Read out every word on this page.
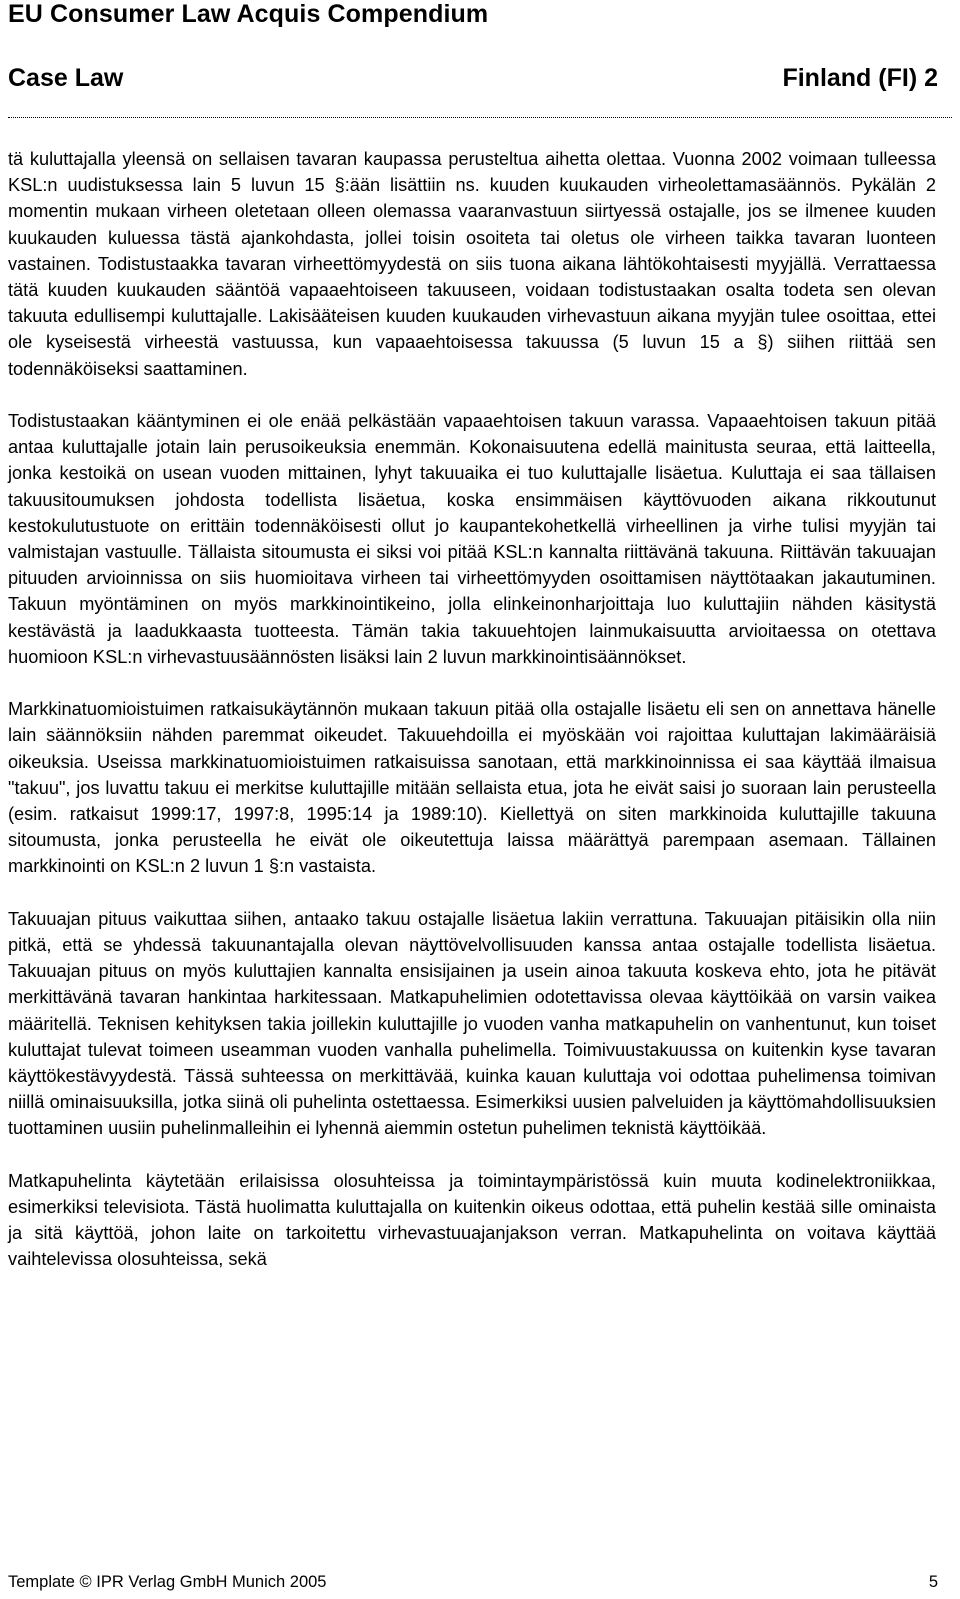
EU Consumer Law Acquis Compendium
Case Law	Finland (FI) 2

tä kuluttajalla yleensä on sellaisen tavaran kaupassa perusteltua aihetta olettaa. Vuonna 2002 voimaan tulleessa KSL:n uudistuksessa lain 5 luvun 15 §:ään lisättiin ns. kuuden kuukauden virheolettamasäännös. Pykälän 2 momentin mukaan virheen oletetaan olleen olemassa vaaranvastuun siirtyessä ostajalle, jos se ilmenee kuuden kuukauden kuluessa tästä ajankohdasta, jollei toisin osoiteta tai oletus ole virheen taikka tavaran luonteen vastainen. Todistustaakka tavaran virheettömyydestä on siis tuona aikana lähtökohtaisesti myyjällä. Verrattaessa tätä kuuden kuukauden sääntöä vapaaehtoiseen takuuseen, voidaan todistustaakan osalta todeta sen olevan takuuta edullisempi kuluttajalle. Lakisääteisen kuuden kuukauden virhevastuun aikana myyjän tulee osoittaa, ettei ole kyseisestä virheestä vastuussa, kun vapaaehtoisessa takuussa (5 luvun 15 a §) siihen riittää sen todennäköiseksi saattaminen.

Todistustaakan kääntyminen ei ole enää pelkästään vapaaehtoisen takuun varassa. Vapaaehtoisen takuun pitää antaa kuluttajalle jotain lain perusoikeuksia enemmän. Kokonaisuutena edellä mainitusta seuraa, että laitteella, jonka kestoikä on usean vuoden mittainen, lyhyt takuuaika ei tuo kuluttajalle lisäetua. Kuluttaja ei saa tällaisen takuusitoumuksen johdosta todellista lisäetua, koska ensimmäisen käyttövuoden aikana rikkoutunut kestokulutustuote on erittäin todennäköisesti ollut jo kaupantekohetkellä virheellinen ja virhe tulisi myyjän tai valmistajan vastuulle. Tällaista sitoumusta ei siksi voi pitää KSL:n kannalta riittävänä takuuna. Riittävän takuuajan pituuden arvioinnissa on siis huomioitava virheen tai virheettömyyden osoittamisen näyttötaakan jakautuminen. Takuun myöntäminen on myös markkinointikeino, jolla elinkeinonharjoittaja luo kuluttajiin nähden käsitystä kestävästä ja laadukkaasta tuotteesta. Tämän takia takuuehtojen lainmukaisuutta arvioitaessa on otettava huomioon KSL:n virhevastuusäännösten lisäksi lain 2 luvun markkinointisäännökset.

Markkinatuomioistuimen ratkaisukäytännön mukaan takuun pitää olla ostajalle lisäetu eli sen on annettava hänelle lain säännöksiin nähden paremmat oikeudet. Takuuehdoilla ei myöskään voi rajoittaa kuluttajan lakimääräisiä oikeuksia. Useissa markkinatuomioistuimen ratkaisuissa sanotaan, että markkinoinnissa ei saa käyttää ilmaisua "takuu", jos luvattu takuu ei merkitse kuluttajille mitään sellaista etua, jota he eivät saisi jo suoraan lain perusteella (esim. ratkaisut 1999:17, 1997:8, 1995:14 ja 1989:10). Kiellettyä on siten markkinoida kuluttajille takuuna sitoumusta, jonka perusteella he eivät ole oikeutettuja laissa määrättyä parempaan asemaan. Tällainen markkinointi on KSL:n 2 luvun 1 §:n vastaista.

Takuuajan pituus vaikuttaa siihen, antaako takuu ostajalle lisäetua lakiin verrattuna. Takuuajan pitäisikin olla niin pitkä, että se yhdessä takuunantajalla olevan näyttövelvollisuuden kanssa antaa ostajalle todellista lisäetua. Takuuajan pituus on myös kuluttajien kannalta ensisijainen ja usein ainoa takuuta koskeva ehto, jota he pitävät merkittävänä tavaran hankintaa harkitessaan. Matkapuhelimien odotettavissa olevaa käyttöikää on varsin vaikea määritellä. Teknisen kehityksen takia joillekin kuluttajille jo vuoden vanha matkapuhelin on vanhentunut, kun toiset kuluttajat tulevat toimeen useamman vuoden vanhalla puhelimella. Toimivuustakuussa on kuitenkin kyse tavaran käyttökestävyydestä. Tässä suhteessa on merkittävää, kuinka kauan kuluttaja voi odottaa puhelimensa toimivan niillä ominaisuuksilla, jotka siinä oli puhelinta ostettaessa. Esimerkiksi uusien palveluiden ja käyttömahdollisuuksien tuottaminen uusiin puhelinmalleihin ei lyhennä aiemmin ostetun puhelimen teknistä käyttöikää.

Matkapuhelinta käytetään erilaisissa olosuhteissa ja toimintaympäristössä kuin muuta kodinelektroniikkaa, esimerkiksi televisiota. Tästä huolimatta kuluttajalla on kuitenkin oikeus odottaa, että puhelin kestää sille ominaista ja sitä käyttöä, johon laite on tarkoitettu virhevastuuajanjakson verran. Matkapuhelinta on voitava käyttää vaihtelevissa olosuhteissa, sekä

Template © IPR Verlag GmbH Munich 2005	5
